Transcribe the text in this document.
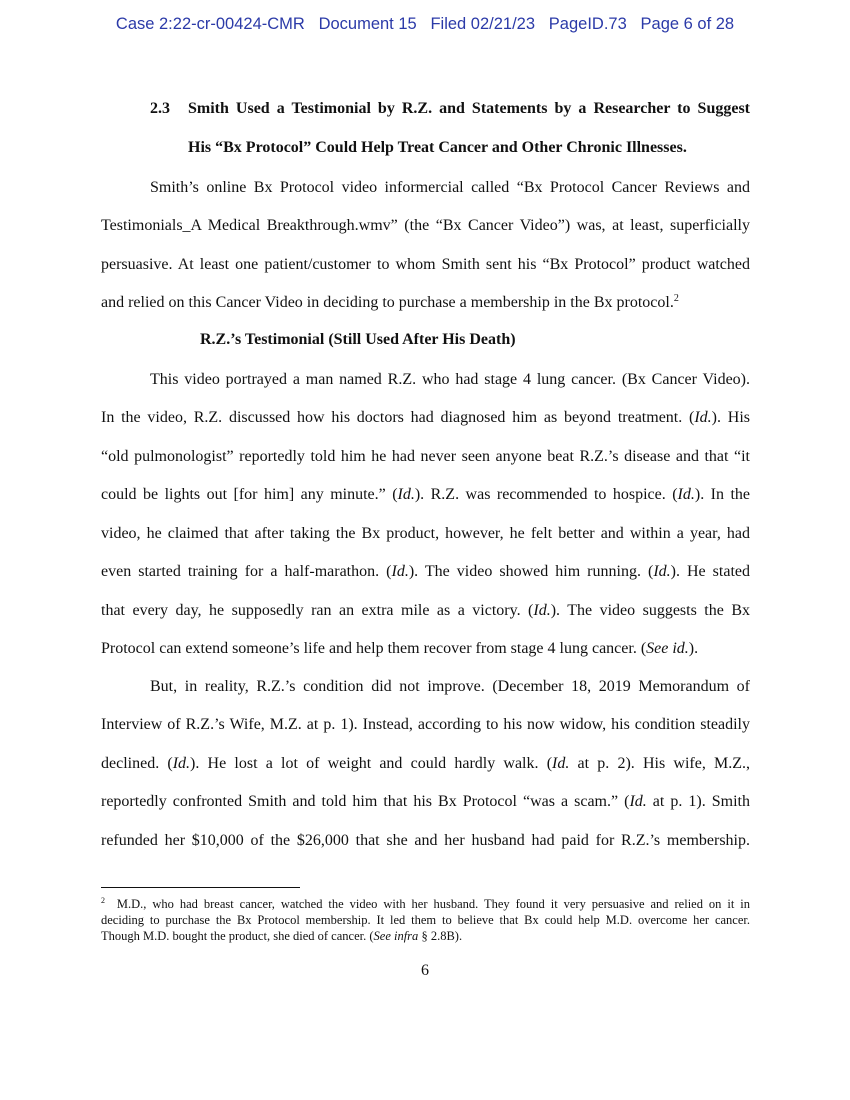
Case 2:22-cr-00424-CMR   Document 15   Filed 02/21/23   PageID.73   Page 6 of 28
2.3 Smith Used a Testimonial by R.Z. and Statements by a Researcher to Suggest
His “Bx Protocol” Could Help Treat Cancer and Other Chronic Illnesses.
Smith’s online Bx Protocol video informercial called “Bx Protocol Cancer Reviews and
Testimonials_A Medical Breakthrough.wmv” (the “Bx Cancer Video”) was, at least, superficially
persuasive. At least one patient/customer to whom Smith sent his “Bx Protocol” product watched
and relied on this Cancer Video in deciding to purchase a membership in the Bx protocol.$^2$
R.Z.’s Testimonial (Still Used After His Death)
This video portrayed a man named R.Z. who had stage 4 lung cancer. (Bx Cancer Video).
In the video, R.Z. discussed how his doctors had diagnosed him as beyond treatment. (Id.). His
“old pulmonologist” reportedly told him he had never seen anyone beat R.Z.’s disease and that “it
could be lights out [for him] any minute.” (Id.). R.Z. was recommended to hospice. (Id.). In the
video, he claimed that after taking the Bx product, however, he felt better and within a year, had
even started training for a half-marathon. (Id.). The video showed him running. (Id.). He stated
that every day, he supposedly ran an extra mile as a victory. (Id.). The video suggests the Bx
Protocol can extend someone’s life and help them recover from stage 4 lung cancer. (See id.).
But, in reality, R.Z.’s condition did not improve. (December 18, 2019 Memorandum of
Interview of R.Z.’s Wife, M.Z. at p. 1). Instead, according to his now widow, his condition steadily
declined. (Id.). He lost a lot of weight and could hardly walk. (Id. at p. 2). His wife, M.Z.,
reportedly confronted Smith and told him that his Bx Protocol “was a scam.” (Id. at p. 1). Smith
refunded her $10,000 of the $26,000 that she and her husband had paid for R.Z.’s membership.
$^2$ M.D., who had breast cancer, watched the video with her husband. They found it very persuasive and relied on it in
deciding to purchase the Bx Protocol membership. It led them to believe that Bx could help M.D. overcome her cancer.
Though M.D. bought the product, she died of cancer. (See infra § 2.8B).
6
